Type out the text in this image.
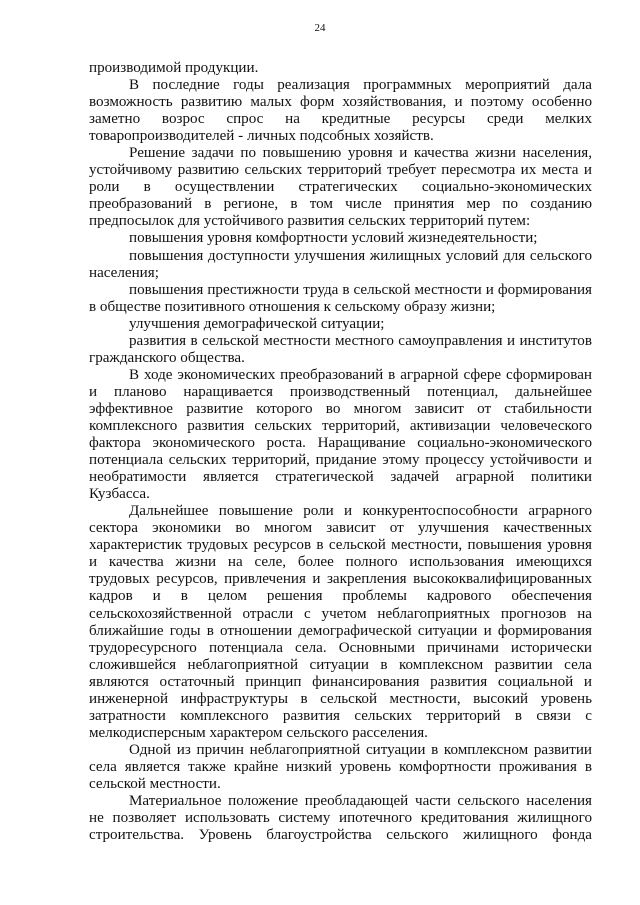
24

производимой продукции.

В последние годы реализация программных мероприятий дала возможность развитию малых форм хозяйствования, и поэтому особенно заметно возрос спрос на кредитные ресурсы среди мелких товаропроизводителей - личных подсобных хозяйств.

Решение задачи по повышению уровня и качества жизни населения, устойчивому развитию сельских территорий требует пересмотра их места и роли в осуществлении стратегических социально-экономических преобразований в регионе, в том числе принятия мер по созданию предпосылок для устойчивого развития сельских территорий путем:

повышения уровня комфортности условий жизнедеятельности;

повышения доступности улучшения жилищных условий для сельского населения;

повышения престижности труда в сельской местности и формирования в обществе позитивного отношения к сельскому образу жизни;

улучшения демографической ситуации;

развития в сельской местности местного самоуправления и институтов гражданского общества.

В ходе экономических преобразований в аграрной сфере сформирован и планово наращивается производственный потенциал, дальнейшее эффективное развитие которого во многом зависит от стабильности комплексного развития сельских территорий, активизации человеческого фактора экономического роста. Наращивание социально-экономического потенциала сельских территорий, придание этому процессу устойчивости и необратимости является стратегической задачей аграрной политики Кузбасса.

Дальнейшее повышение роли и конкурентоспособности аграрного сектора экономики во многом зависит от улучшения качественных характеристик трудовых ресурсов в сельской местности, повышения уровня и качества жизни на селе, более полного использования имеющихся трудовых ресурсов, привлечения и закрепления высококвалифицированных кадров и в целом решения проблемы кадрового обеспечения сельскохозяйственной отрасли с учетом неблагоприятных прогнозов на ближайшие годы в отношении демографической ситуации и формирования трудоресурсного потенциала села. Основными причинами исторически сложившейся неблагоприятной ситуации в комплексном развитии села являются остаточный принцип финансирования развития социальной и инженерной инфраструктуры в сельской местности, высокий уровень затратности комплексного развития сельских территорий в связи с мелкодисперсным характером сельского расселения.

Одной из причин неблагоприятной ситуации в комплексном развитии села является также крайне низкий уровень комфортности проживания в сельской местности.

Материальное положение преобладающей части сельского населения не позволяет использовать систему ипотечного кредитования жилищного строительства. Уровень благоустройства сельского жилищного фонда
